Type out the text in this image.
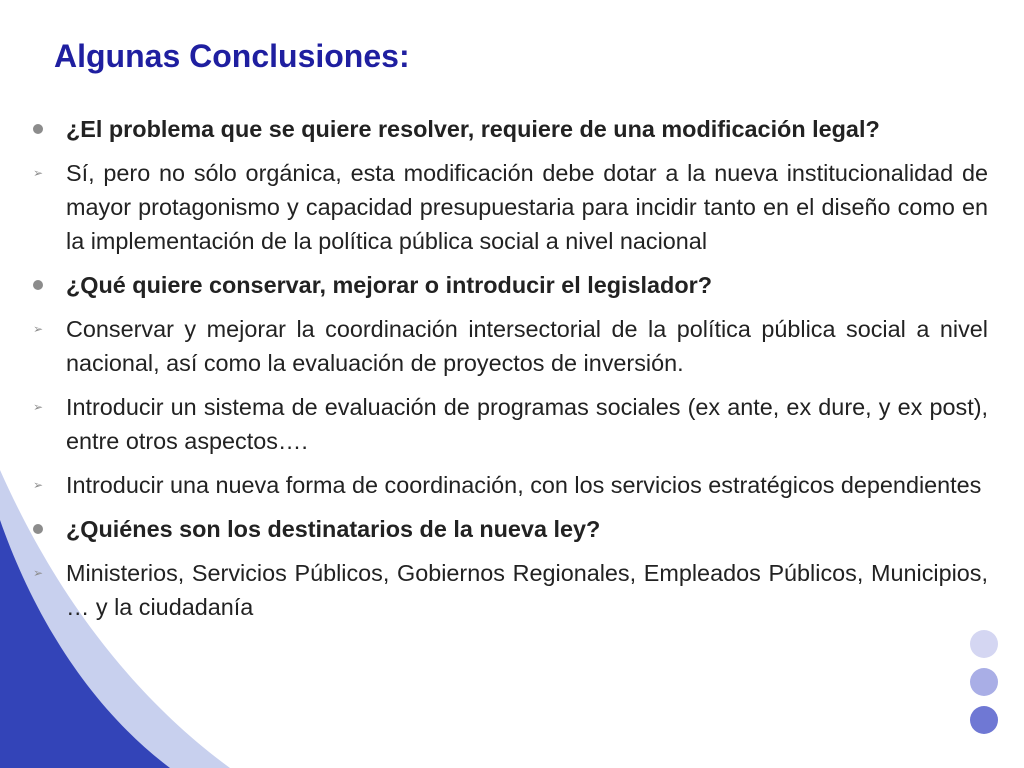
Algunas Conclusiones:
¿El problema que se quiere resolver, requiere de una modificación legal?
➢ Sí, pero no sólo orgánica, esta modificación debe dotar a la nueva institucionalidad de mayor protagonismo y capacidad presupuestaria para incidir tanto en el diseño como en la implementación de la política pública social a nivel nacional
¿Qué quiere conservar, mejorar o introducir el legislador?
➢ Conservar y mejorar la coordinación intersectorial de la política pública social a nivel nacional, así como la evaluación de proyectos de inversión.
➢ Introducir un sistema de evaluación de programas sociales (ex ante, ex dure, y ex post), entre otros aspectos….
➢ Introducir una nueva forma de coordinación, con los servicios estratégicos dependientes
¿Quiénes son los destinatarios de la nueva ley?
➢ Ministerios, Servicios Públicos, Gobiernos Regionales, Empleados Públicos, Municipios, … y la ciudadanía
